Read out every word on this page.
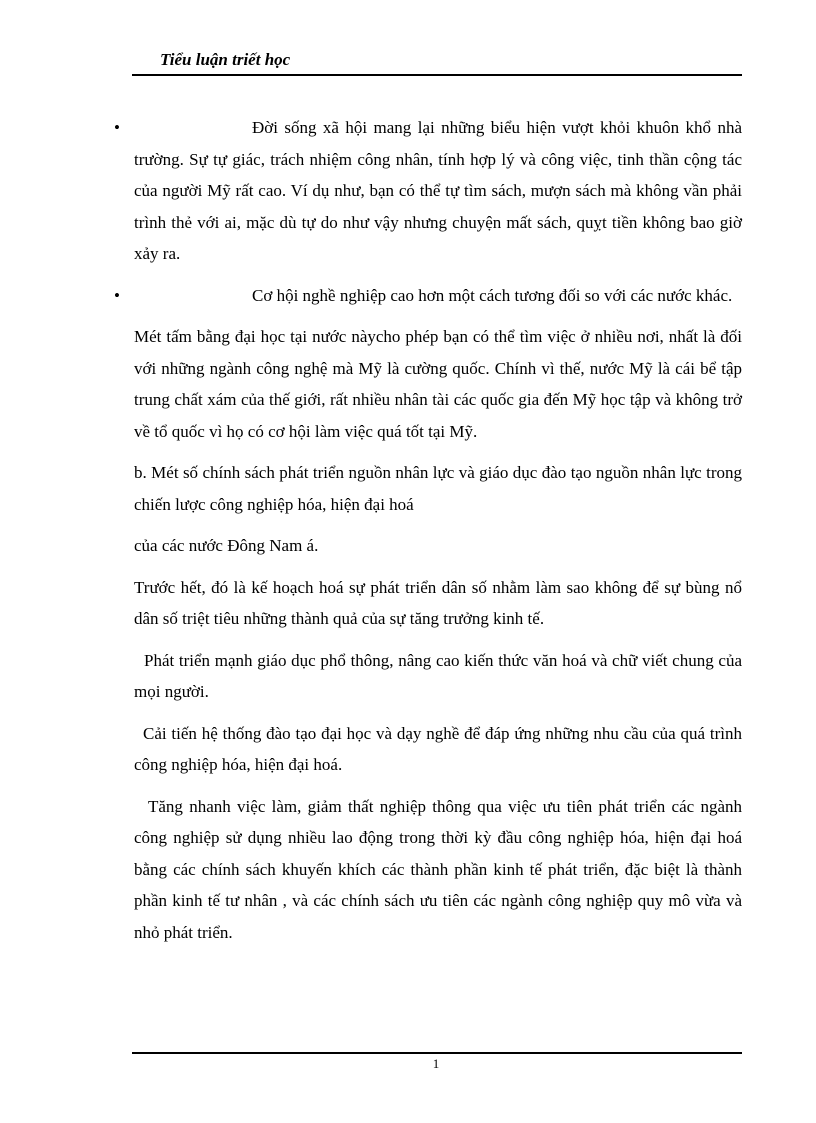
Tiểu luận triết học
•	Đời sống xã hội mang lại những biểu hiện vượt khỏi khuôn khổ nhà trường. Sự tự giác, trách nhiệm công nhân, tính hợp lý và công việc, tinh thần cộng tác của người Mỹ rất cao. Ví dụ như, bạn có thể tự tìm sách, mượn sách mà không vần phải trình thẻ với ai, mặc dù tự do như vậy nhưng chuyện mất sách, quỵt tiền không bao giờ xảy ra.

•	Cơ hội nghề nghiệp cao hơn một cách tương đối so với các nước khác.

Mét tấm bằng đại học tại nước nàycho phép bạn có thể tìm việc ở nhiều nơi, nhất là đối với những ngành công nghệ mà Mỹ là cường quốc. Chính vì thế, nước Mỹ là cái bể tập trung chất xám của thế giới, rất nhiều nhân tài các quốc gia đến Mỹ học tập và không trở về tổ quốc vì họ có cơ hội làm việc quá tốt tại Mỹ.

b. Mét số chính sách phát triển nguồn nhân lực và giáo dục đào tạo nguồn nhân lực trong chiến lược công nghiệp hóa, hiện đại hoá

của các nước Đông Nam á.

Trước hết, đó là kế hoạch hoá sự phát triển dân số nhằm làm sao không để sự bùng nổ dân số triệt tiêu những thành quả của sự tăng trưởng kinh tế.

Phát triển mạnh giáo dục phổ thông, nâng cao kiến thức văn hoá và chữ viết chung của mọi người.

Cải tiến hệ thống đào tạo đại học và dạy nghề để đáp ứng những nhu cầu của quá trình công nghiệp hóa, hiện đại hoá.

Tăng nhanh việc làm, giảm thất nghiệp thông qua việc ưu tiên phát triển các ngành công nghiệp sử dụng nhiều lao động trong thời kỳ đầu công nghiệp hóa, hiện đại hoá bằng các chính sách khuyến khích các thành phần kinh tế phát triển, đặc biệt là thành phần kinh tế tư nhân , và các chính sách ưu tiên các ngành công nghiệp quy mô vừa và nhỏ phát triển.

1
